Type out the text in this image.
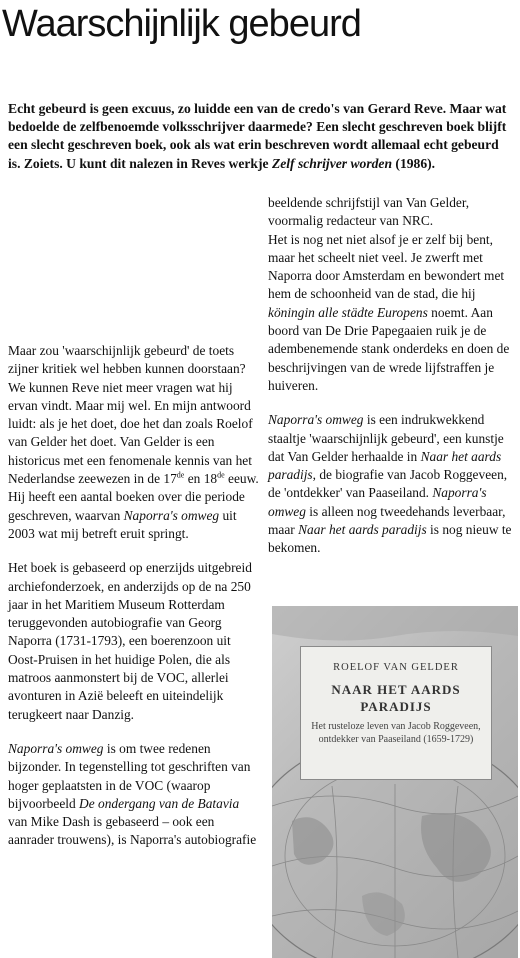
Waarschijnlijk gebeurd
Echt gebeurd is geen excuus, zo luidde een van de credo's van Gerard Reve. Maar wat bedoelde de zelfbenoemde volksschrijver daarmede? Een slecht geschreven boek blijft een slecht geschreven boek, ook als wat erin beschreven wordt allemaal echt gebeurd is. Zoiets. U kunt dit nalezen in Reves werkje Zelf schrijver worden (1986).

Maar zou 'waarschijnlijk gebeurd' de toets zijner kritiek wel hebben kunnen doorstaan? We kunnen Reve niet meer vragen wat hij ervan vindt. Maar mij wel. En mijn antwoord luidt: als je het doet, doe het dan zoals Roelof van Gelder het doet. Van Gelder is een historicus met een fenomenale kennis van het Nederlandse zeewezen in de 17de en 18de eeuw. Hij heeft een aantal boeken over die periode geschreven, waarvan Naporra's omweg uit 2003 wat mij betreft eruit springt.

Het boek is gebaseerd op enerzijds uitgebreid archiefonderzoek, en anderzijds op de na 250 jaar in het Maritiem Museum Rotterdam teruggevonden autobiografie van Georg Naporra (1731-1793), een boerenzoon uit Oost-Pruisen in het huidige Polen, die als matroos aanmonstert bij de VOC, allerlei avonturen in Azië beleeft en uiteindelijk terugkeert naar Danzig.

Naporra's omweg is om twee redenen bijzonder. In tegenstelling tot geschriften van hoger geplaatsten in de VOC (waarop bijvoorbeeld De ondergang van de Batavia van Mike Dash is gebaseerd – ook een aanrader trouwens), is Naporra's autobiografie

beeldende schrijfstijl van Van Gelder, voormalig redacteur van NRC.
Het is nog net niet alsof je er zelf bij bent, maar het scheelt niet veel. Je zwerft met Naporra door Amsterdam en bewondert met hem de schoonheid van de stad, die hij köningin alle städte Europens noemt. Aan boord van De Drie Papegaaien ruik je de adembenemende stank onderdeks en doen de beschrijvingen van de wrede lijfstraffen je huiveren.

Naporra's omweg is een indrukwekkend staaltje 'waarschijnlijk gebeurd', een kunstje dat Van Gelder herhaalde in Naar het aards paradijs, de biografie van Jacob Roggeveen, de 'ontdekker' van Paaseiland. Naporra's omweg is alleen nog tweedehands leverbaar, maar Naar het aards paradijs is nog nieuw te bekomen.

ROELOF VAN GELDER
NAAR HET AARDS
PARADIJS
Het rusteloze leven van Jacob Roggeveen, ontdekker van Paaseiland (1659-1729)
